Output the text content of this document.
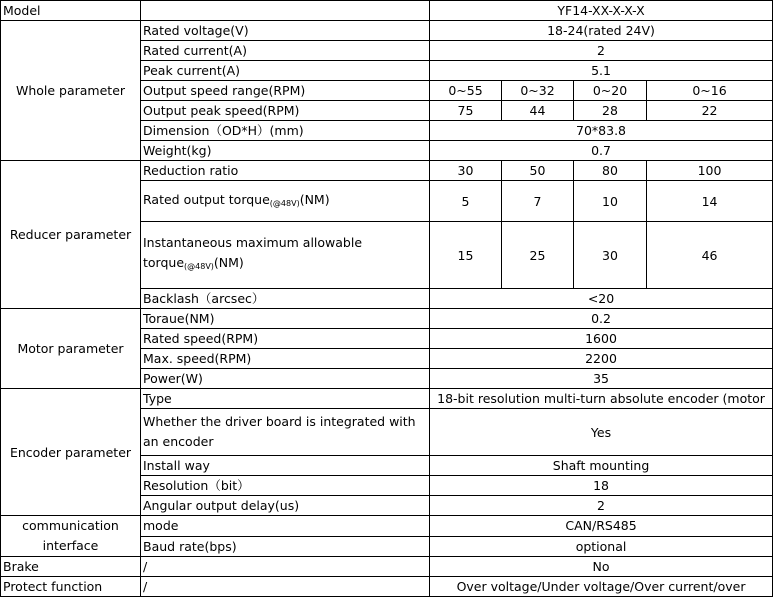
Model		YF14-XX-X-X-X			
Whole parameter	Rated voltage(V)	18-24(rated 24V)			
	Rated current(A)	2			
	Peak current(A)	5.1			
	Output speed range(RPM)	0~55	0~32	0~20	0~16
	Output peak speed(RPM)	75	44	28	22
	Dimension（OD*H）(mm)	70*83.8			
	Weight(kg)	0.7			
Reducer parameter	Reduction ratio	30	50	80	100
	Rated output torque$_{(@48V)}$(NM)	5	7	10	14
	Instantaneous maximum allowable torque$_{(@48V)}$(NM)	15	25	30	46
	Backlash（arcsec）	<20			
Motor parameter	Toraue(NM)	0.2			
	Rated speed(RPM)	1600			
	Max. speed(RPM)	2200			
	Power(W)	35			
Encoder parameter	Type	18-bit resolution multi-turn absolute encoder (motor			
	Whether the driver board is integrated with an encoder	Yes			
	Install way	Shaft mounting			
	Resolution（bit）	18			
	Angular output delay(us)	2			
communication interface	mode	CAN/RS485			
	Baud rate(bps)	optional			
Brake	/	No			
Protect function	/	Over voltage/Under voltage/Over current/over			
